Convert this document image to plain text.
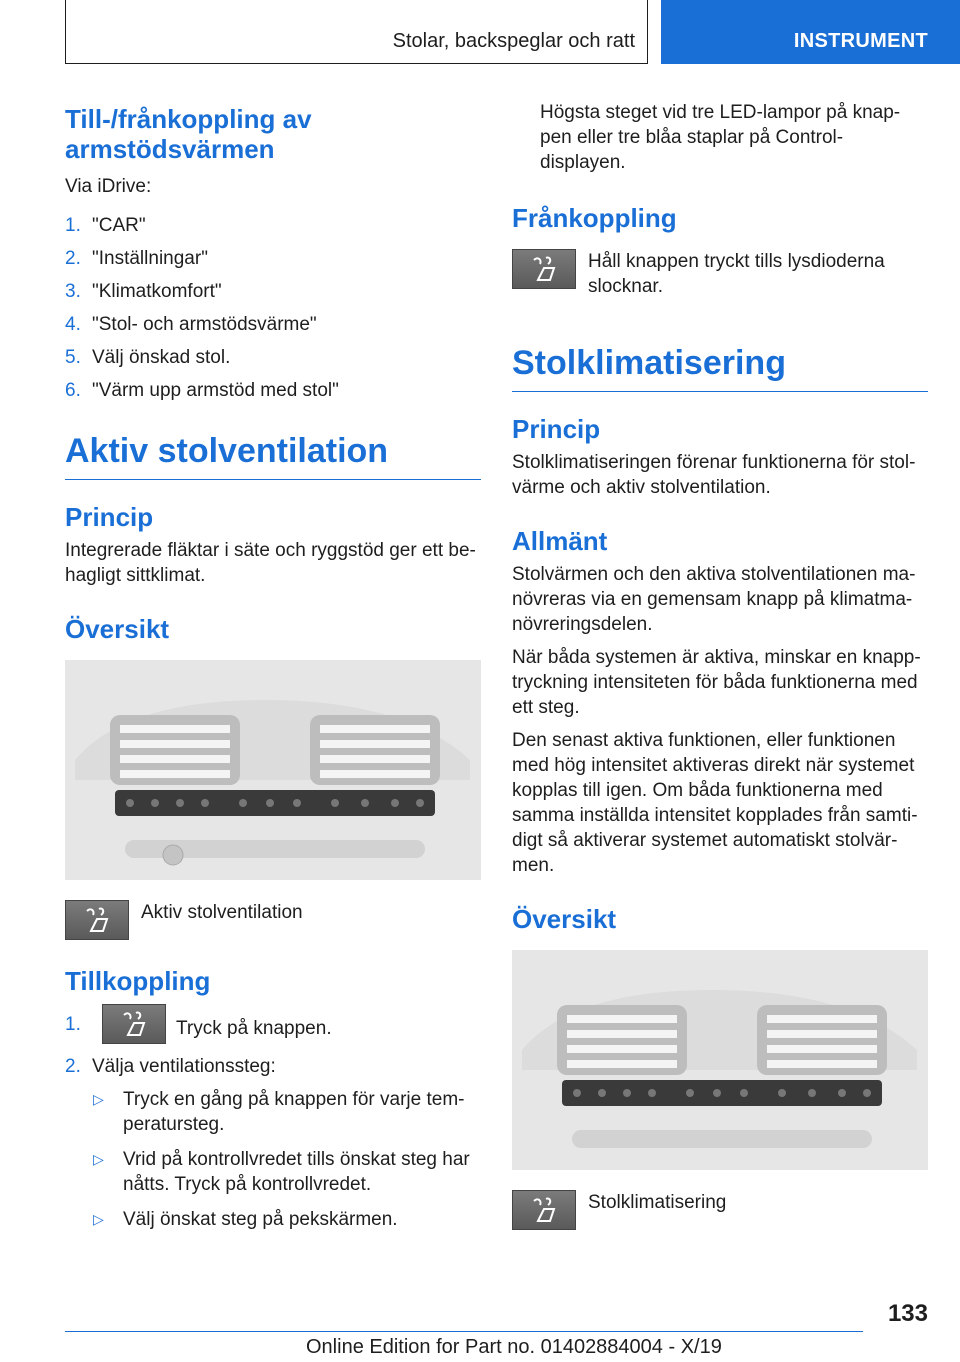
Stolar, backspeglar och ratt	INSTRUMENT
Till-/frånkoppling av armstödsvärmen

Via iDrive:

1. "CAR"
2. "Inställningar"
3. "Klimatkomfort"
4. "Stol- och armstödsvärme"
5. Välj önskad stol.
6. "Värm upp armstöd med stol"
Aktiv stolventilation
Princip

Integrerade fläktar i säte och ryggstöd ger ett be-hagligt sittklimat.

Översikt

Aktiv stolventilation

Tillkoppling
1.	Tryck på knappen.

2. Välja ventilationssteg:

▷	Tryck en gång på knappen för varje tem-peratursteg.
▷	Vrid på kontrollvredet tills önskat steg har nåtts. Tryck på kontrollvredet.
▷	Välj önskat steg på pekskärmen.

Högsta steget vid tre LED-lampor på knap-pen eller tre blåa staplar på Control-displayen.

Frånkoppling

Håll knappen tryckt tills lysdioderna slocknar.

Stolklimatisering
Princip

Stolklimatiseringen förenar funktionerna för stol-värme och aktiv stolventilation.

Allmänt

Stolvärmen och den aktiva stolventilationen ma-növreras via en gemensam knapp på klimatma-növreringsdelen.

När båda systemen är aktiva, minskar en knapp-tryckning intensiteten för båda funktionerna med ett steg.

Den senast aktiva funktionen, eller funktionen med hög intensitet aktiveras direkt när systemet kopplas till igen. Om båda funktionerna med samma inställda intensitet kopplades från samti-digt så aktiverar systemet automatiskt stolvär-men.

Översikt

Stolklimatisering

133
Online Edition for Part no. 01402884004 - X/19
